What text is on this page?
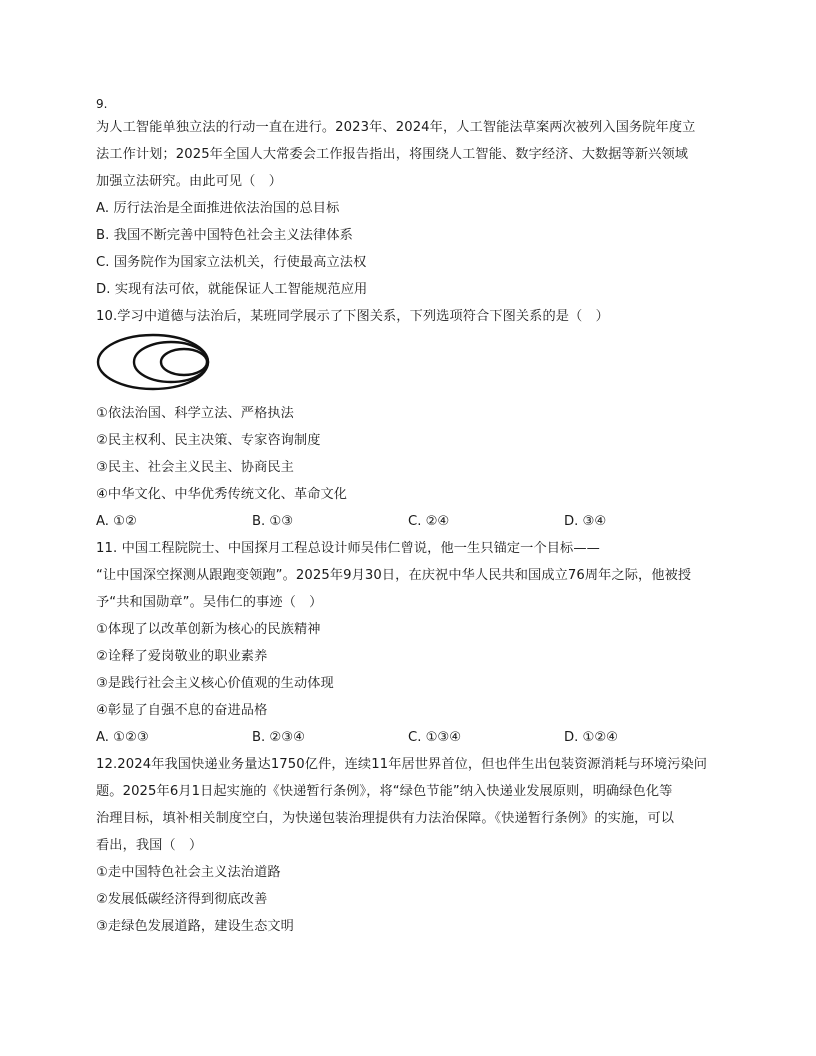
9.
为人工智能单独立法的行动一直在进行。2023年、2024年，人工智能法草案两次被列入国务院年度立
法工作计划；2025年全国人大常委会工作报告指出，将围绕人工智能、数字经济、大数据等新兴领域
加强立法研究。由此可见（　）
A. 厉行法治是全面推进依法治国的总目标
B. 我国不断完善中国特色社会主义法律体系
C. 国务院作为国家立法机关，行使最高立法权
D. 实现有法可依，就能保证人工智能规范应用
10.学习中道德与法治后，某班同学展示了下图关系，下列选项符合下图关系的是（　）
①依法治国、科学立法、严格执法
②民主权利、民主决策、专家咨询制度
③民主、社会主义民主、协商民主
④中华文化、中华优秀传统文化、革命文化
A. ①②	B. ①③	C. ②④	D. ③④
11. 中国工程院院士、中国探月工程总设计师吴伟仁曾说，他一生只锚定一个目标——
“让中国深空探测从跟跑变领跑”。2025年9月30日，在庆祝中华人民共和国成立76周年之际，他被授
予“共和国勋章”。吴伟仁的事迹（　）
①体现了以改革创新为核心的民族精神
②诠释了爱岗敬业的职业素养
③是践行社会主义核心价值观的生动体现
④彰显了自强不息的奋进品格
A. ①②③	B. ②③④	C. ①③④	D. ①②④
12.2024年我国快递业务量达1750亿件，连续11年居世界首位，但也伴生出包装资源消耗与环境污染问
题。2025年6月1日起实施的《快递暂行条例》，将“绿色节能”纳入快递业发展原则，明确绿色化等
治理目标，填补相关制度空白，为快递包装治理提供有力法治保障。《快递暂行条例》的实施，可以
看出，我国（　）
①走中国特色社会主义法治道路
②发展低碳经济得到彻底改善
③走绿色发展道路，建设生态文明
